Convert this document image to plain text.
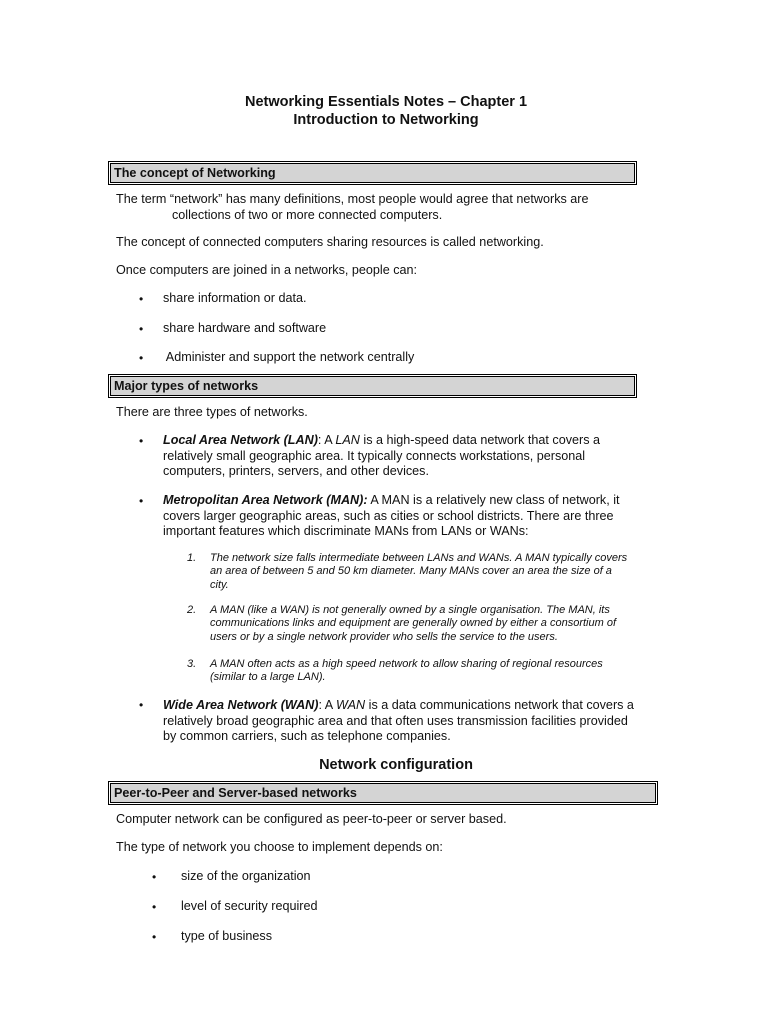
Networking Essentials Notes – Chapter 1
Introduction to Networking
The concept of Networking
The term “network” has many definitions, most people would agree that networks are
collections of two or more connected computers.
The concept of connected computers sharing resources is called networking.
Once computers are joined in a networks, people can:
• share information or data.
• share hardware and software
• Administer and support the network centrally
Major types of networks
There are three types of networks.
• Local Area Network (LAN): A LAN is a high-speed data network that covers a
relatively small geographic area. It typically connects workstations, personal
computers, printers, servers, and other devices.
• Metropolitan Area Network (MAN): A MAN is a relatively new class of network, it
covers larger geographic areas, such as cities or school districts. There are three
important features which discriminate MANs from LANs or WANs:
1. The network size falls intermediate between LANs and WANs. A MAN typically covers
an area of between 5 and 50 km diameter. Many MANs cover an area the size of a
city.
2. A MAN (like a WAN) is not generally owned by a single organisation. The MAN, its
communications links and equipment are generally owned by either a consortium of
users or by a single network provider who sells the service to the users.
3. A MAN often acts as a high speed network to allow sharing of regional resources
(similar to a large LAN).
• Wide Area Network (WAN): A WAN is a data communications network that covers a
relatively broad geographic area and that often uses transmission facilities provided
by common carriers, such as telephone companies.
Network configuration
Peer-to-Peer and Server-based networks
Computer network can be configured as peer-to-peer or server based.
The type of network you choose to implement depends on:
• size of the organization
• level of security required
• type of business
